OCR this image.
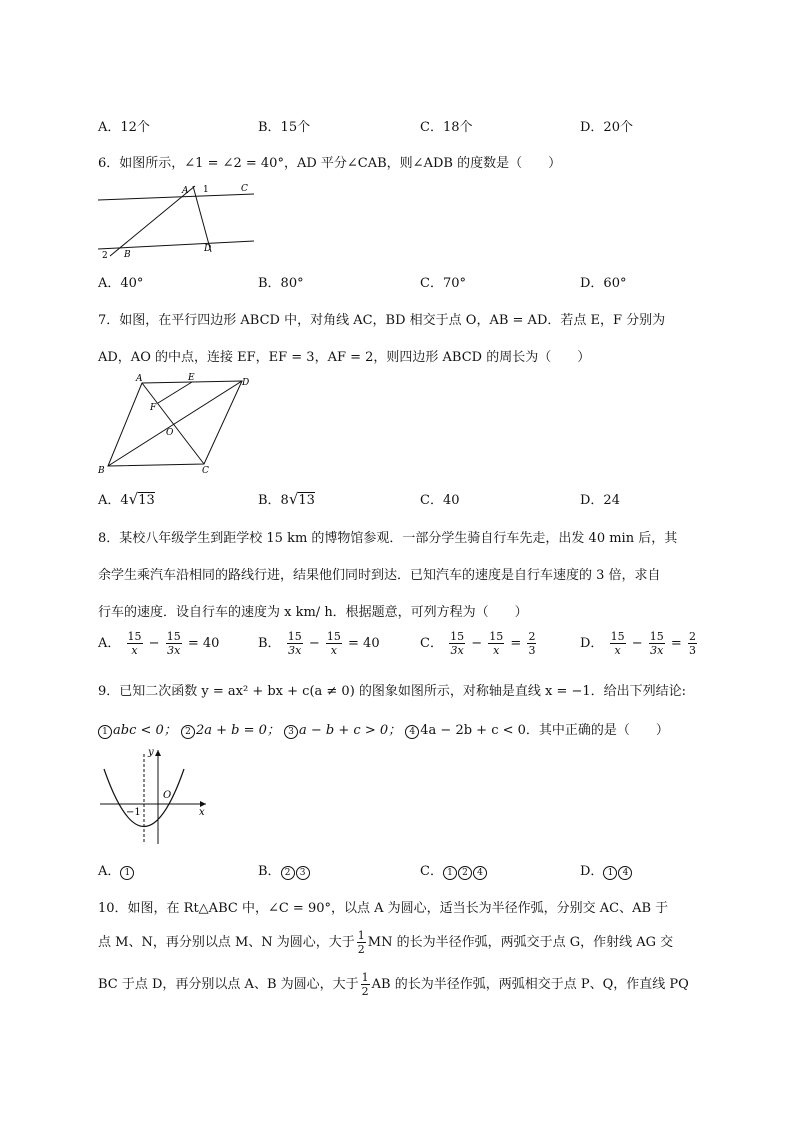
A．12个	B．15个	C．18个	D．20个
6．如图所示，∠1 = ∠2 = 40°，AD 平分∠CAB，则∠ADB 的度数是（　　）
A 1	C
2 B
D
A．40°	B．80°	C．70°	D．60°
7．如图，在平行四边形 ABCD 中，对角线 AC，BD 相交于点 O，AB = AD．若点 E，F 分别为
AD，AO 的中点，连接 EF，EF = 3，AF = 2，则四边形 ABCD 的周长为（　　）
A	E	D
F
O
B	C
A．4√13	B．8√13	C．40	D．24
8．某校八年级学生到距学校 15 km 的博物馆参观．一部分学生骑自行车先走，出发 40 min 后，其
余学生乘汽车沿相同的路线行进，结果他们同时到达．已知汽车的速度是自行车速度的 3 倍，求自
行车的速度．设自行车的速度为 x km/ h．根据题意，可列方程为（　　）
A． $\frac{15}{x} - \frac{15}{3x} = 40$	B． $\frac{15}{3x} - \frac{15}{x} = 40$	C． $\frac{15}{3x} - \frac{15}{x} = \frac{2}{3}$	D． $\frac{15}{x} - \frac{15}{3x} = \frac{2}{3}$
9．已知二次函数 y = ax² + bx + c(a ≠ 0) 的图象如图所示，对称轴是直线 x = −1．给出下列结论:
1 abc < 0； 2 2a + b = 0； 3 a − b + c > 0； 4 4a − 2b + c < 0．其中正确的是（　　）
y
O
x
−1
A． 1	B． 2 3	C． 1 2 4	D． 1 4
10．如图，在 Rt△ABC 中，∠C = 90°，以点 A 为圆心，适当长为半径作弧，分别交 AC、AB 于
点 M、N，再分别以点 M、N 为圆心，大于 $\frac{1}{2}$ MN 的长为半径作弧，两弧交于点 G，作射线 AG 交
BC 于点 D，再分别以点 A、B 为圆心，大于 $\frac{1}{2}$ AB 的长为半径作弧，两弧相交于点 P、Q，作直线 PQ
